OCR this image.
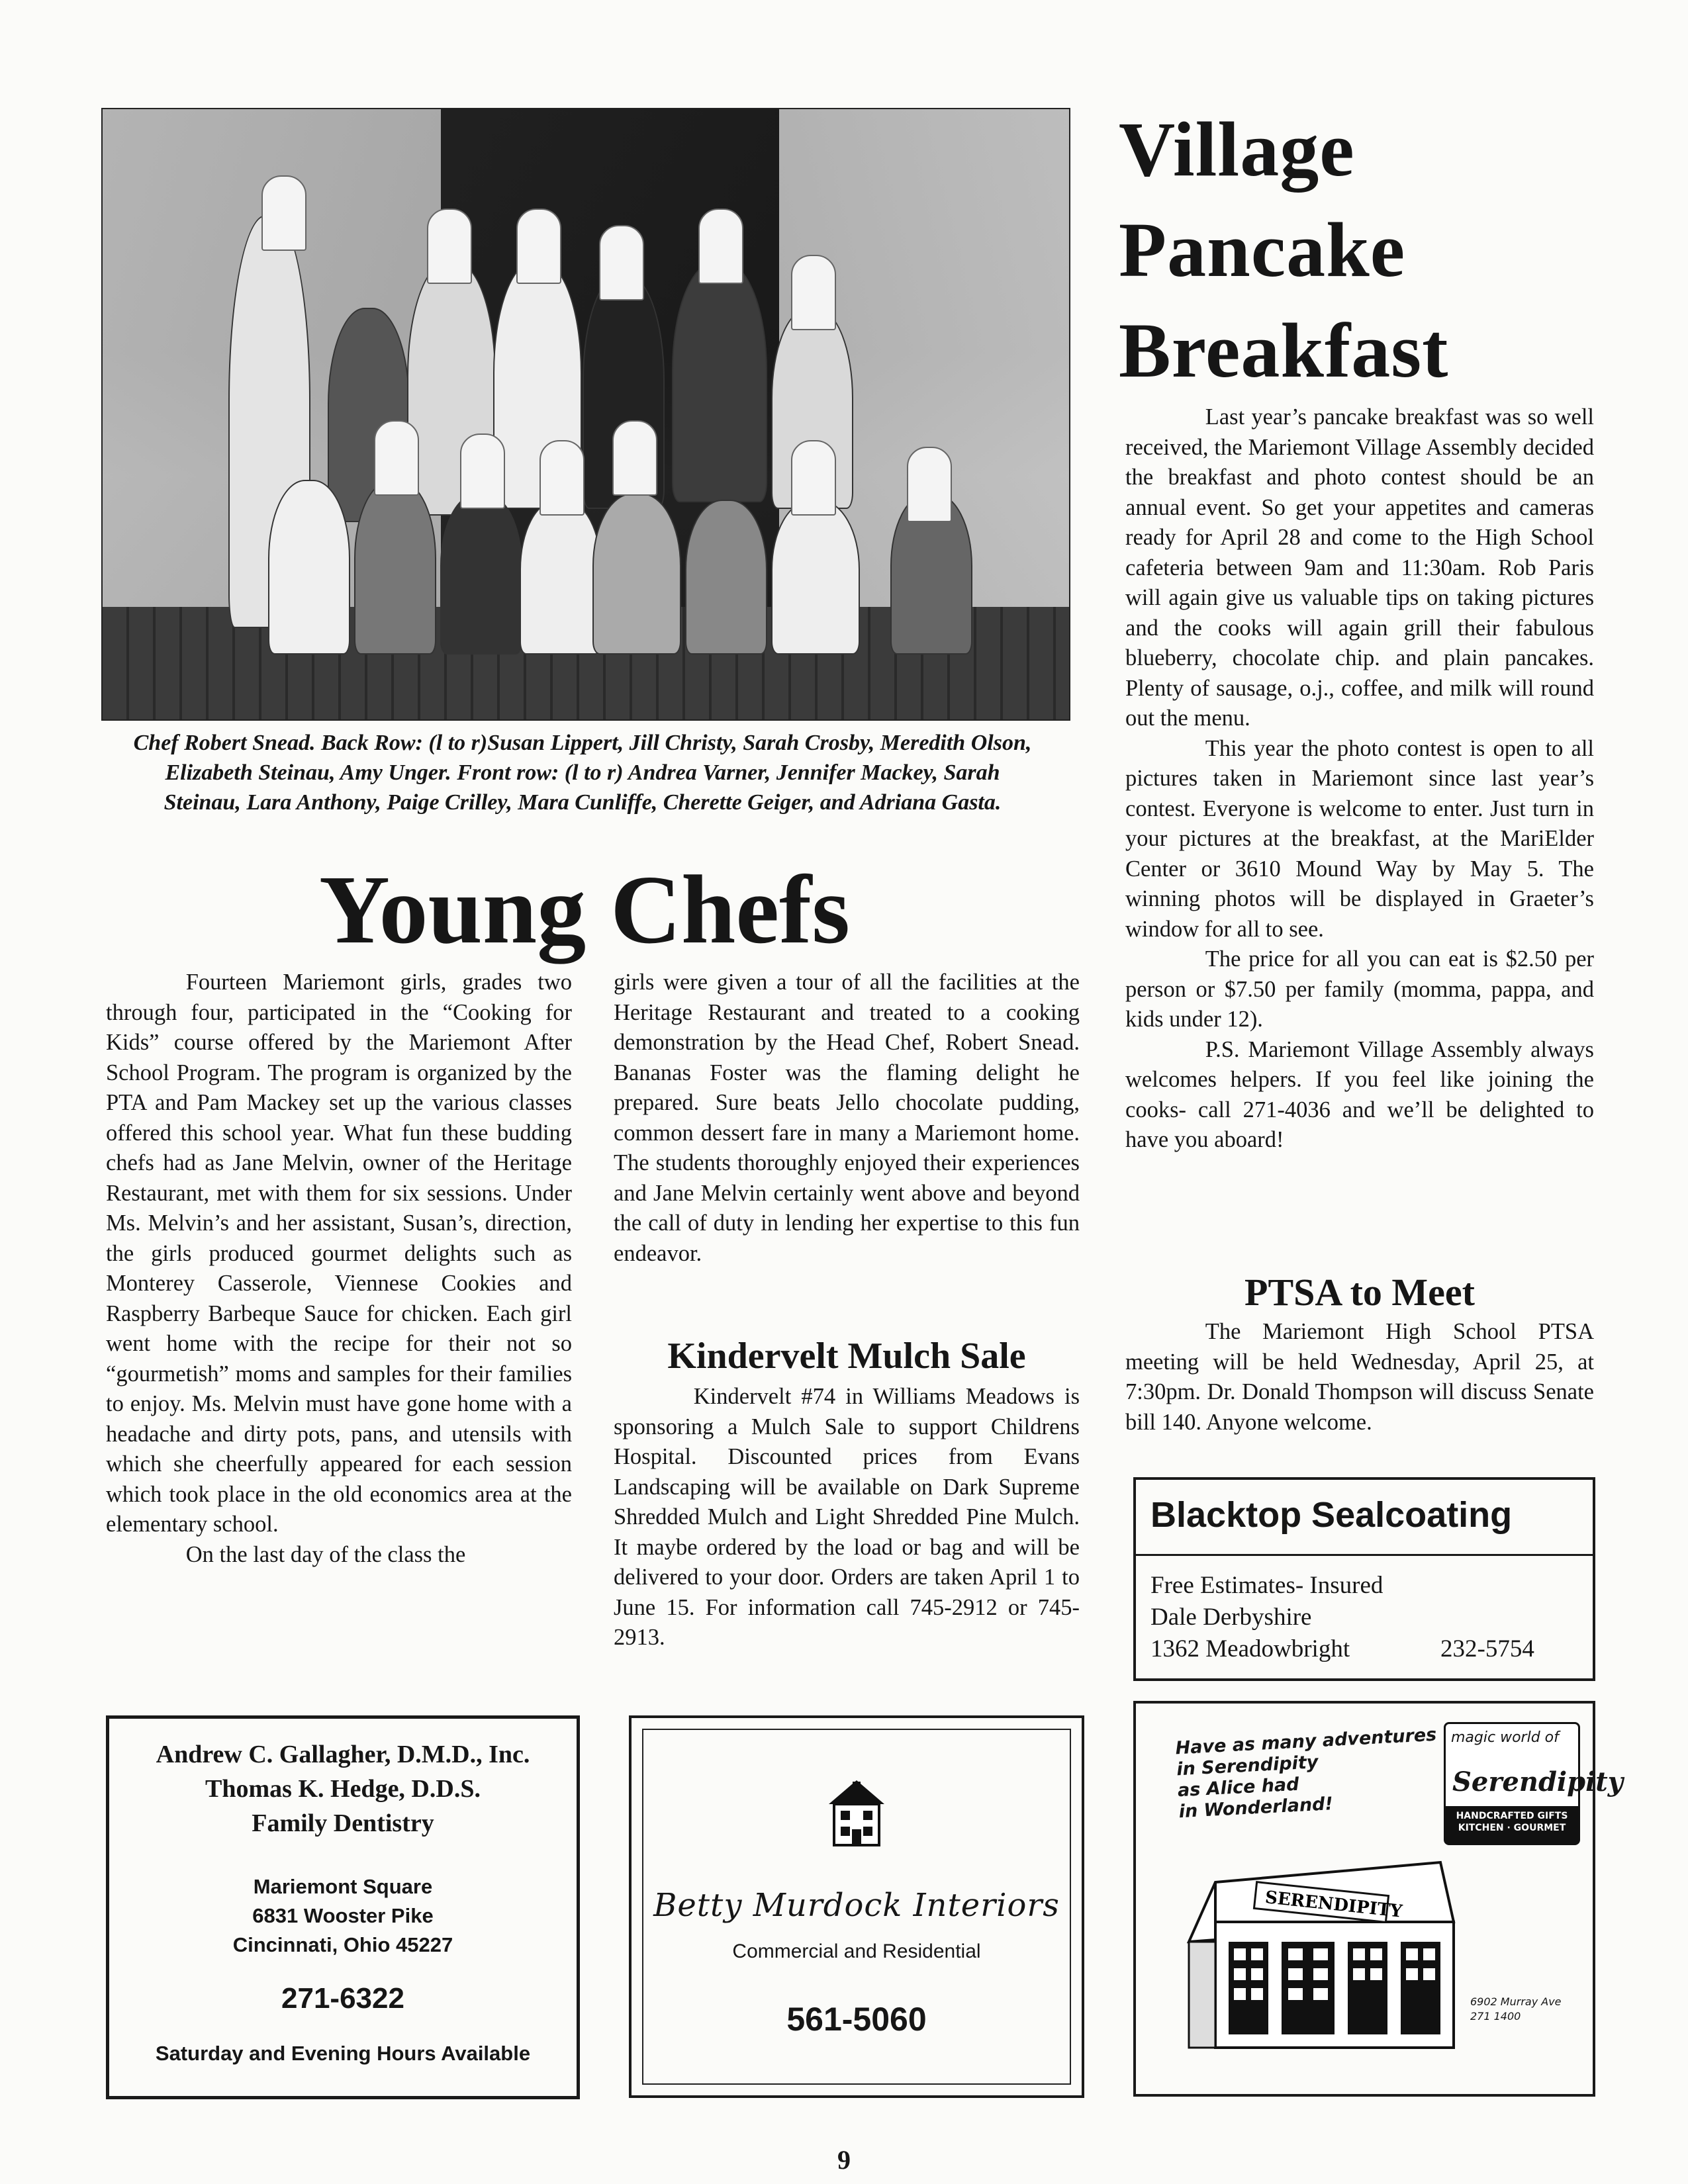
Chef Robert Snead. Back Row: (l to r)Susan Lippert, Jill Christy, Sarah Crosby, Meredith Olson, Elizabeth Steinau, Amy Unger. Front row: (l to r) Andrea Varner, Jennifer Mackey, Sarah Steinau, Lara Anthony, Paige Crilley, Mara Cunliffe, Cherette Geiger, and Adriana Gasta.
Young Chefs

Fourteen Mariemont girls, grades two through four, participated in the “Cooking for Kids” course offered by the Mariemont After School Program. The program is organized by the PTA and Pam Mackey set up the various classes offered this school year. What fun these budding chefs had as Jane Melvin, owner of the Heritage Restaurant, met with them for six sessions. Under Ms. Melvin’s and her assistant, Susan’s, direction, the girls produced gourmet delights such as Monterey Casserole, Viennese Cookies and Raspberry Barbeque Sauce for chicken. Each girl went home with the recipe for their not so “gourmetish” moms and samples for their families to enjoy. Ms. Melvin must have gone home with a headache and dirty pots, pans, and utensils with which she cheerfully appeared for each session which took place in the old economics area at the elementary school.

On the last day of the class the

girls were given a tour of all the facilities at the Heritage Restaurant and treated to a cooking demonstration by the Head Chef, Robert Snead. Bananas Foster was the flaming delight he prepared. Sure beats Jello chocolate pudding, common dessert fare in many a Mariemont home. The students thoroughly enjoyed their experiences and Jane Melvin certainly went above and beyond the call of duty in lending her expertise to this fun endeavor.

Kindervelt Mulch Sale

Kindervelt #74 in Williams Meadows is sponsoring a Mulch Sale to support Childrens Hospital. Discounted prices from Evans Landscaping will be available on Dark Supreme Shredded Mulch and Light Shredded Pine Mulch. It maybe ordered by the load or bag and will be delivered to your door. Orders are taken April 1 to June 15. For information call 745-2912 or 745-2913.

Village Pancake Breakfast

Last year’s pancake breakfast was so well received, the Mariemont Village Assembly decided the breakfast and photo contest should be an annual event. So get your appetites and cameras ready for April 28 and come to the High School cafeteria between 9am and 11:30am. Rob Paris will again give us valuable tips on taking pictures and the cooks will again grill their fabulous blueberry, chocolate chip. and plain pancakes. Plenty of sausage, o.j., coffee, and milk will round out the menu.

This year the photo contest is open to all pictures taken in Mariemont since last year’s contest. Everyone is welcome to enter. Just turn in your pictures at the breakfast, at the MariElder Center or 3610 Mound Way by May 5. The winning photos will be displayed in Graeter’s window for all to see.

The price for all you can eat is $2.50 per person or $7.50 per family (momma, pappa, and kids under 12).

P.S. Mariemont Village Assembly always welcomes helpers. If you feel like joining the cooks- call 271-4036 and we’ll be delighted to have you aboard!

PTSA to Meet

The Mariemont High School PTSA meeting will be held Wednesday, April 25, at 7:30pm. Dr. Donald Thompson will discuss Senate bill 140. Anyone welcome.

Andrew C. Gallagher, D.M.D., Inc.
Thomas K. Hedge, D.D.S.
Family Dentistry
Mariemont Square
6831 Wooster Pike
Cincinnati, Ohio 45227
271-6322
Saturday and Evening Hours Available
Betty Murdock Interiors
Commercial and Residential
561-5060
Blacktop Sealcoating
Free Estimates- Insured
Dale Derbyshire
1362 Meadowbright	232-5754
Have as many adventures
in Serendipity
as Alice had
in Wonderland!
magic world of
Serendipity
HANDCRAFTED GIFTS KITCHEN · GOURMET
SERENDIPITY
6902 Murray Ave
271 1400
9
